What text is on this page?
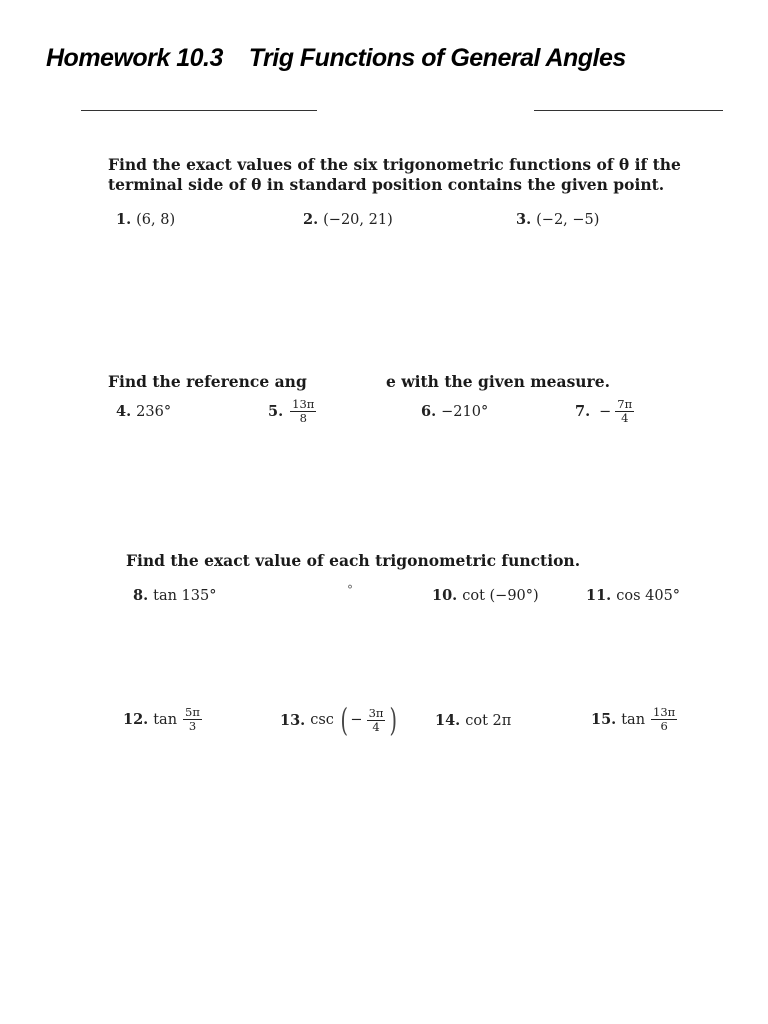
Homework 10.3    Trig Functions of General Angles
Find the exact values of the six trigonometric functions of θ if the terminal side of θ in standard position contains the given point.
1. (6, 8)	2. (−20, 21)	3. (−2, −5)
Find the reference ang	e with the given measure.
4. 236°	5. $\frac{13\pi}{8}$	6. −210°	7. − $\frac{7\pi}{4}$
Find the exact value of each trigonometric function.
8. tan 135°	°	10. cot (−90°)	11. cos 405°
12. $\tan \frac{5\pi}{3}$	13. csc ( − $\frac{3\pi}{4}$ )	14. cot 2π	15. $\tan \frac{13\pi}{6}$
